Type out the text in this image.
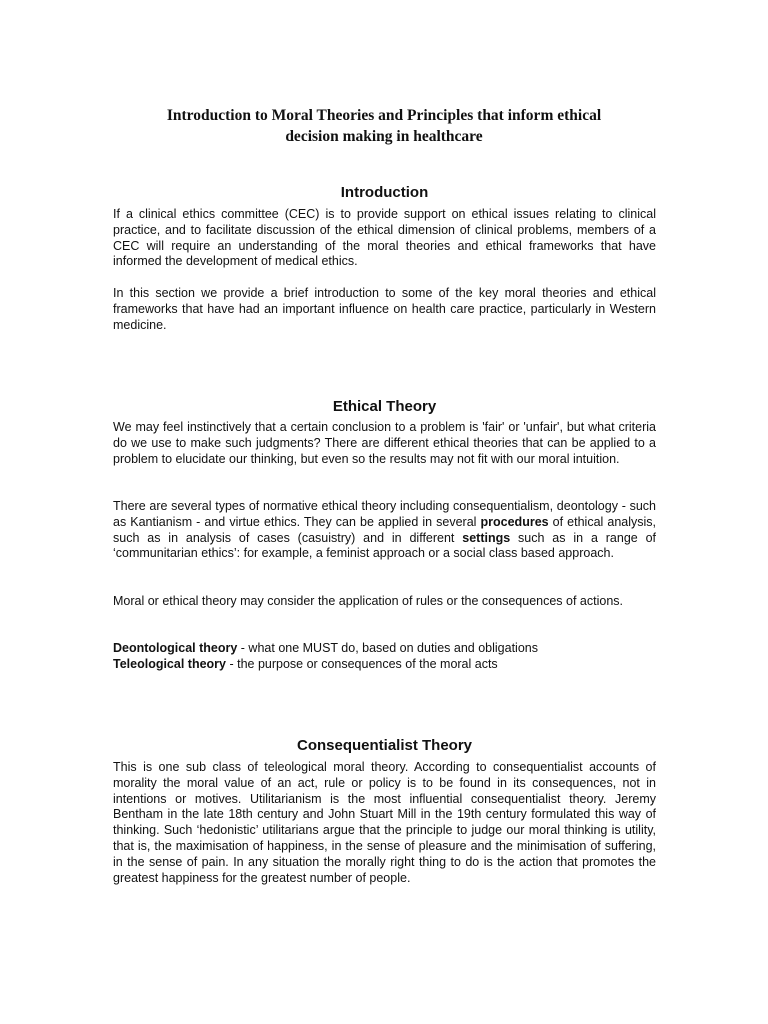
Introduction to Moral Theories and Principles that inform ethical
decision making in healthcare
Introduction

If a clinical ethics committee (CEC) is to provide support on ethical issues relating to clinical practice, and to facilitate discussion of the ethical dimension of clinical problems, members of a CEC will require an understanding of the moral theories and ethical frameworks that have informed the development of medical ethics.

In this section we provide a brief introduction to some of the key moral theories and ethical frameworks that have had an important influence on health care practice, particularly in Western medicine.

Ethical Theory

We may feel instinctively that a certain conclusion to a problem is 'fair' or 'unfair', but what criteria do we use to make such judgments? There are different ethical theories that can be applied to a problem to elucidate our thinking, but even so the results may not fit with our moral intuition.

There are several types of normative ethical theory including consequentialism, deontology - such as Kantianism - and virtue ethics. They can be applied in several procedures of ethical analysis, such as in analysis of cases (casuistry) and in different settings such as in a range of ‘communitarian ethics’: for example, a feminist approach or a social class based approach.

Moral or ethical theory may consider the application of rules or the consequences of actions.

Deontological theory - what one MUST do, based on duties and obligations
Teleological theory - the purpose or consequences of the moral acts
Consequentialist Theory

This is one sub class of teleological moral theory. According to consequentialist accounts of morality the moral value of an act, rule or policy is to be found in its consequences, not in intentions or motives. Utilitarianism is the most influential consequentialist theory. Jeremy Bentham in the late 18th century and John Stuart Mill in the 19th century formulated this way of thinking. Such ‘hedonistic’ utilitarians argue that the principle to judge our moral thinking is utility, that is, the maximisation of happiness, in the sense of pleasure and the minimisation of suffering, in the sense of pain. In any situation the morally right thing to do is the action that promotes the greatest happiness for the greatest number of people.
